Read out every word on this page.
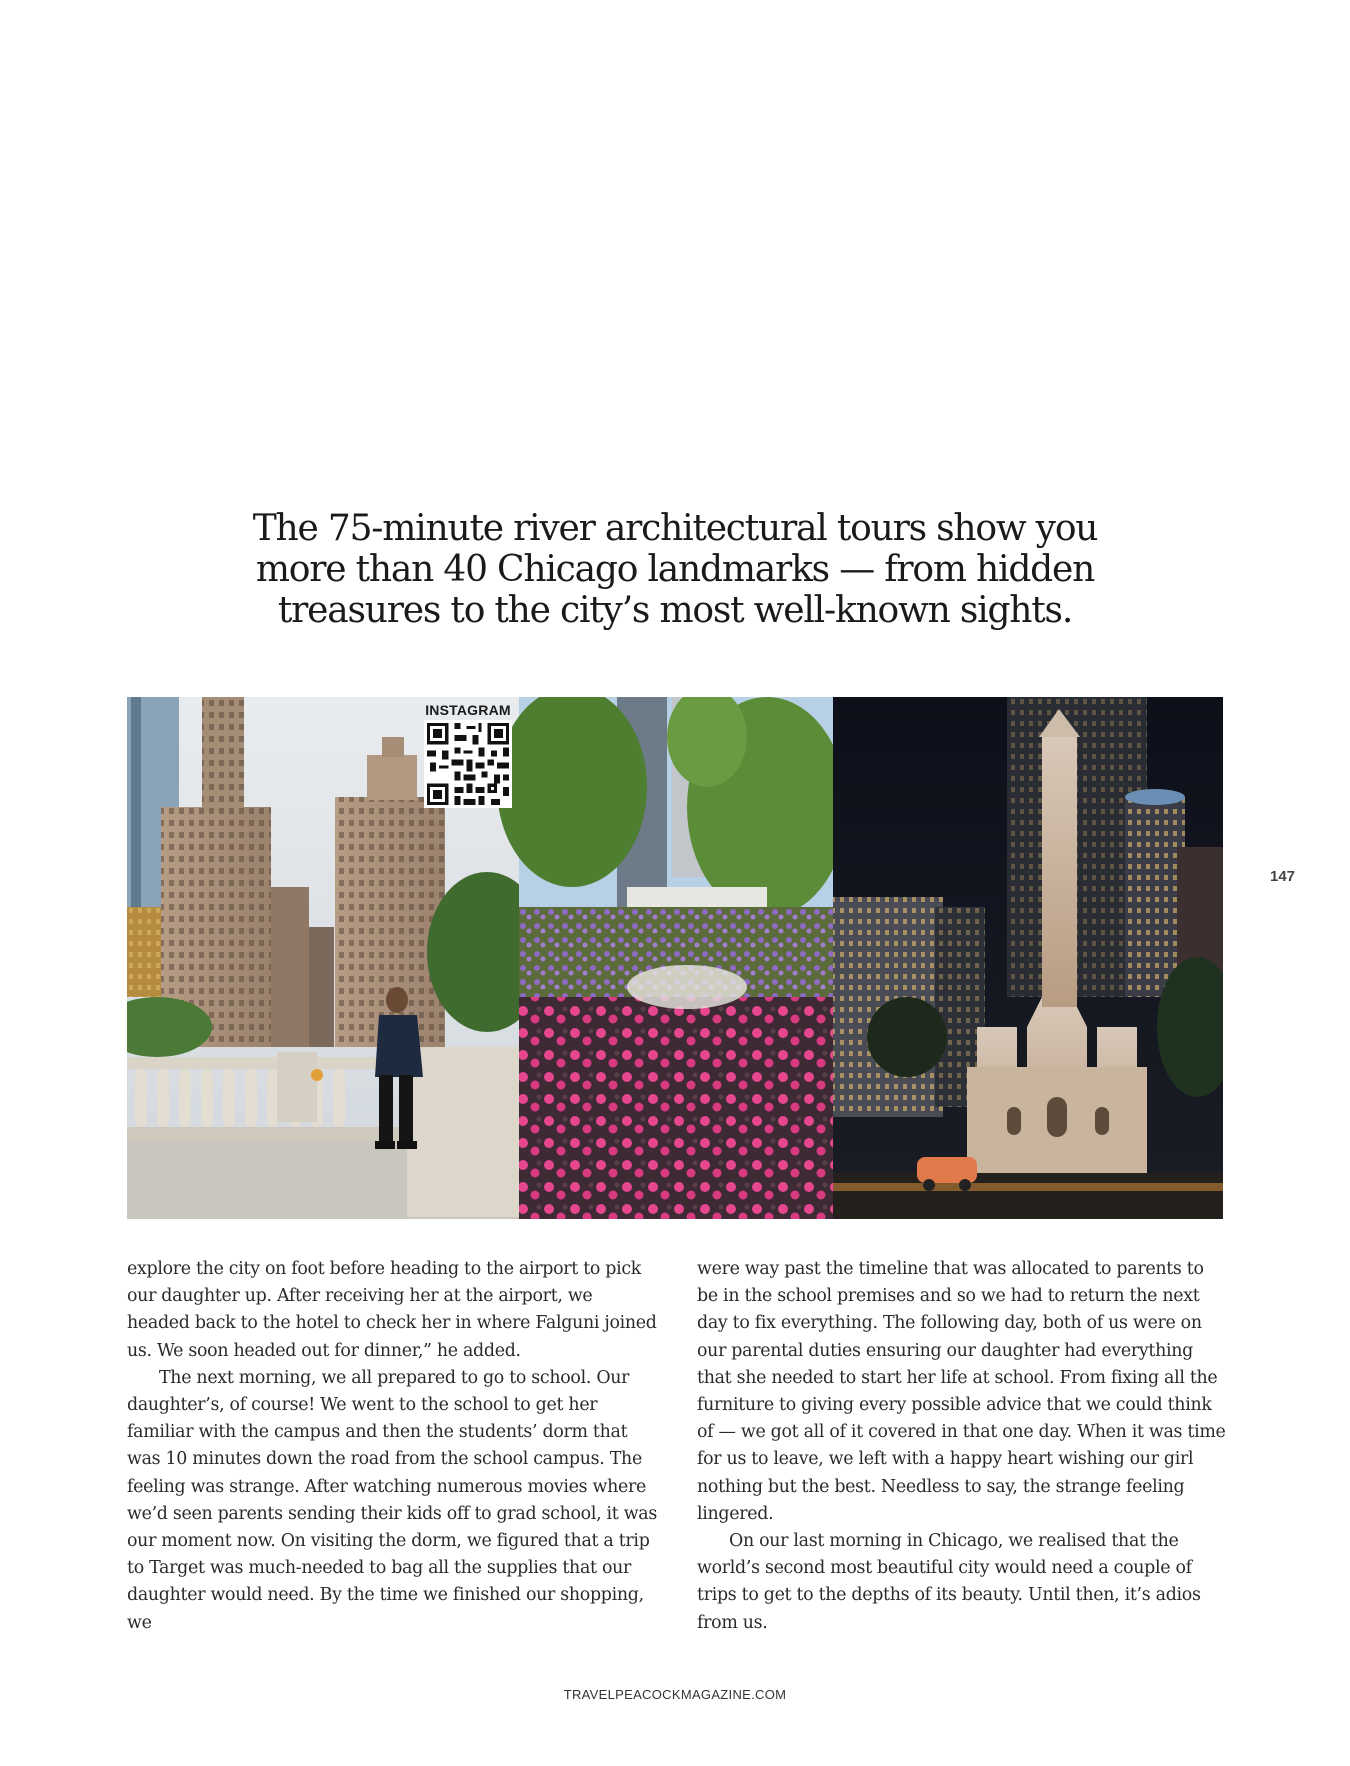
The 75-minute river architectural tours show you
more than 40 Chicago landmarks — from hidden
treasures to the city’s most well-known sights.
INSTAGRAM
147

explore the city on foot before heading to the airport to pick our daughter up. After receiving her at the airport, we headed back to the hotel to check her in where Falguni joined us. We soon headed out for dinner,” he added.

The next morning, we all prepared to go to school. Our daughter’s, of course! We went to the school to get her familiar with the campus and then the students’ dorm that was 10 minutes down the road from the school campus. The feeling was strange. After watching numerous movies where we’d seen parents sending their kids off to grad school, it was our moment now. On visiting the dorm, we figured that a trip to Target was much-needed to bag all the supplies that our daughter would need. By the time we finished our shopping, we

were way past the timeline that was allocated to parents to be in the school premises and so we had to return the next day to fix everything. The following day, both of us were on our parental duties ensuring our daughter had everything that she needed to start her life at school. From fixing all the furniture to giving every possible advice that we could think of — we got all of it covered in that one day. When it was time for us to leave, we left with a happy heart wishing our girl nothing but the best. Needless to say, the strange feeling lingered.

On our last morning in Chicago, we realised that the world’s second most beautiful city would need a couple of trips to get to the depths of its beauty. Until then, it’s adios from us.

TRAVELPEACOCKMAGAZINE.COM
